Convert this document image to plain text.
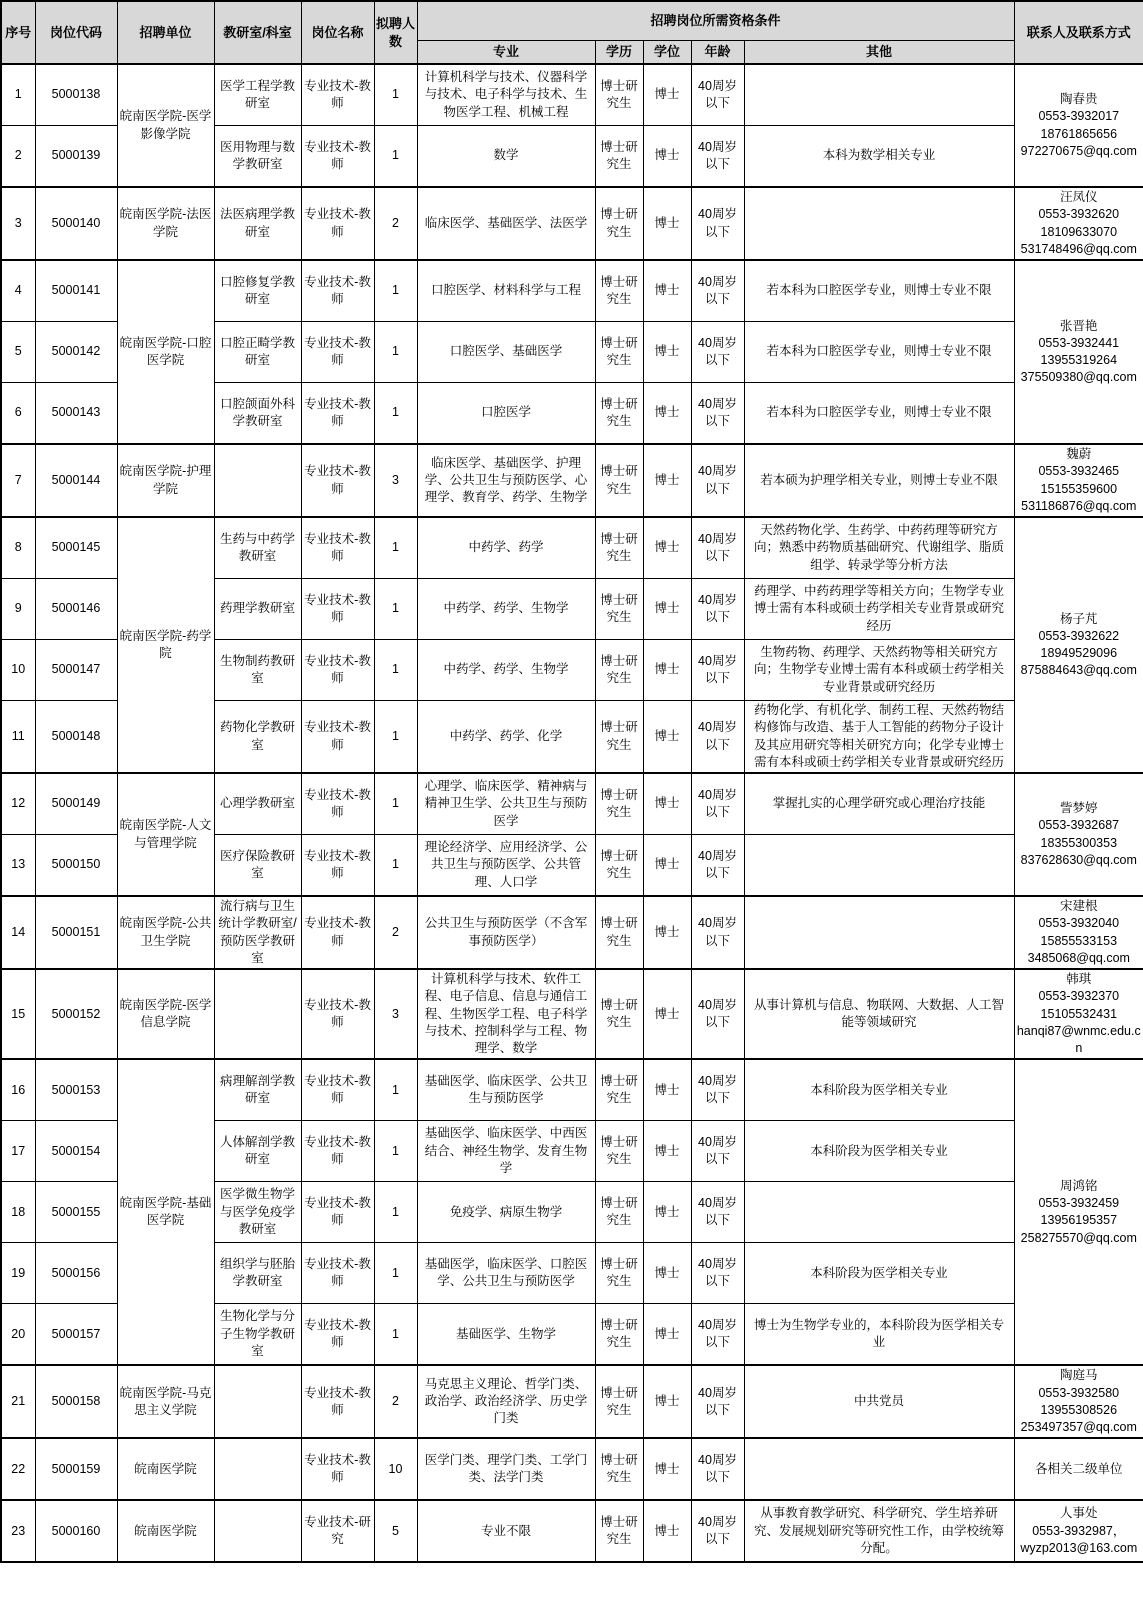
序号	岗位代码	招聘单位	教研室/科室	岗位名称	拟聘人数	招聘岗位所需资格条件					联系人及联系方式
						专业	学历	学位	年龄	其他	
1	5000138	皖南医学院-医学影像学院	医学工程学教研室	专业技术-教师	1	计算机科学与技术、仪器科学与技术、电子科学与技术、生物医学工程、机械工程	博士研究生	博士	40周岁以下		陶春贵
0553-3932017
18761865656
972270675@qq.com
2	5000139		医用物理与数学教研室	专业技术-教师	1	数学	博士研究生	博士	40周岁以下	本科为数学相关专业	
3	5000140	皖南医学院-法医学院	法医病理学教研室	专业技术-教师	2	临床医学、基础医学、法医学	博士研究生	博士	40周岁以下		汪凤仪
0553-3932620
18109633070
531748496@qq.com
4	5000141	皖南医学院-口腔医学院	口腔修复学教研室	专业技术-教师	1	口腔医学、材料科学与工程	博士研究生	博士	40周岁以下	若本科为口腔医学专业，则博士专业不限	张晋艳
0553-3932441
13955319264
375509380@qq.com
5	5000142		口腔正畸学教研室	专业技术-教师	1	口腔医学、基础医学	博士研究生	博士	40周岁以下	若本科为口腔医学专业，则博士专业不限	
6	5000143		口腔颌面外科学教研室	专业技术-教师	1	口腔医学	博士研究生	博士	40周岁以下	若本科为口腔医学专业，则博士专业不限	
7	5000144	皖南医学院-护理学院		专业技术-教师	3	临床医学、基础医学、护理学、公共卫生与预防医学、心理学、教育学、药学、生物学	博士研究生	博士	40周岁以下	若本硕为护理学相关专业，则博士专业不限	魏蔚
0553-3932465
15155359600
531186876@qq.com
8	5000145	皖南医学院-药学院	生药与中药学教研室	专业技术-教师	1	中药学、药学	博士研究生	博士	40周岁以下	天然药物化学、生药学、中药药理等研究方向；熟悉中药物质基础研究、代谢组学、脂质组学、转录学等分析方法	杨子芃
0553-3932622
18949529096
875884643@qq.com
9	5000146		药理学教研室	专业技术-教师	1	中药学、药学、生物学	博士研究生	博士	40周岁以下	药理学、中药药理学等相关方向；生物学专业博士需有本科或硕士药学相关专业背景或研究经历	
10	5000147		生物制药教研室	专业技术-教师	1	中药学、药学、生物学	博士研究生	博士	40周岁以下	生物药物、药理学、天然药物等相关研究方向；生物学专业博士需有本科或硕士药学相关专业背景或研究经历	
11	5000148		药物化学教研室	专业技术-教师	1	中药学、药学、化学	博士研究生	博士	40周岁以下	药物化学、有机化学、制药工程、天然药物结构修饰与改造、基于人工智能的药物分子设计及其应用研究等相关研究方向；化学专业博士需有本科或硕士药学相关专业背景或研究经历	
12	5000149	皖南医学院-人文与管理学院	心理学教研室	专业技术-教师	1	心理学、临床医学、精神病与精神卫生学、公共卫生与预防医学	博士研究生	博士	40周岁以下	掌握扎实的心理学研究或心理治疗技能	訾梦婷
0553-3932687
18355300353
837628630@qq.com
13	5000150		医疗保险教研室	专业技术-教师	1	理论经济学、应用经济学、公共卫生与预防医学、公共管理、人口学	博士研究生	博士	40周岁以下		
14	5000151	皖南医学院-公共卫生学院	流行病与卫生统计学教研室/预防医学教研室	专业技术-教师	2	公共卫生与预防医学（不含军事预防医学）	博士研究生	博士	40周岁以下		宋建根
0553-3932040
15855533153
3485068@qq.com
15	5000152	皖南医学院-医学信息学院		专业技术-教师	3	计算机科学与技术、软件工程、电子信息、信息与通信工程、生物医学工程、电子科学与技术、控制科学与工程、物理学、数学	博士研究生	博士	40周岁以下	从事计算机与信息、物联网、大数据、人工智能等领域研究	韩琪
0553-3932370
15105532431
hanqi87@wnmc.edu.cn
16	5000153	皖南医学院-基础医学院	病理解剖学教研室	专业技术-教师	1	基础医学、临床医学、公共卫生与预防医学	博士研究生	博士	40周岁以下	本科阶段为医学相关专业	周鸿铭
0553-3932459
13956195357
258275570@qq.com
17	5000154		人体解剖学教研室	专业技术-教师	1	基础医学、临床医学、中西医结合、神经生物学、发育生物学	博士研究生	博士	40周岁以下	本科阶段为医学相关专业	
18	5000155		医学微生物学与医学免疫学教研室	专业技术-教师	1	免疫学、病原生物学	博士研究生	博士	40周岁以下		
19	5000156		组织学与胚胎学教研室	专业技术-教师	1	基础医学，临床医学、口腔医学、公共卫生与预防医学	博士研究生	博士	40周岁以下	本科阶段为医学相关专业	
20	5000157		生物化学与分子生物学教研室	专业技术-教师	1	基础医学、生物学	博士研究生	博士	40周岁以下	博士为生物学专业的，本科阶段为医学相关专业	
21	5000158	皖南医学院-马克思主义学院		专业技术-教师	2	马克思主义理论、哲学门类、政治学、政治经济学、历史学门类	博士研究生	博士	40周岁以下	中共党员	陶庭马
0553-3932580
13955308526
253497357@qq.com
22	5000159	皖南医学院		专业技术-教师	10	医学门类、理学门类、工学门类、法学门类	博士研究生	博士	40周岁以下		各相关二级单位
23	5000160	皖南医学院		专业技术-研究	5	专业不限	博士研究生	博士	40周岁以下	从事教育教学研究、科学研究、学生培养研究、发展规划研究等研究性工作，由学校统筹分配。	人事处
0553-3932987，
wyzp2013@163.com
